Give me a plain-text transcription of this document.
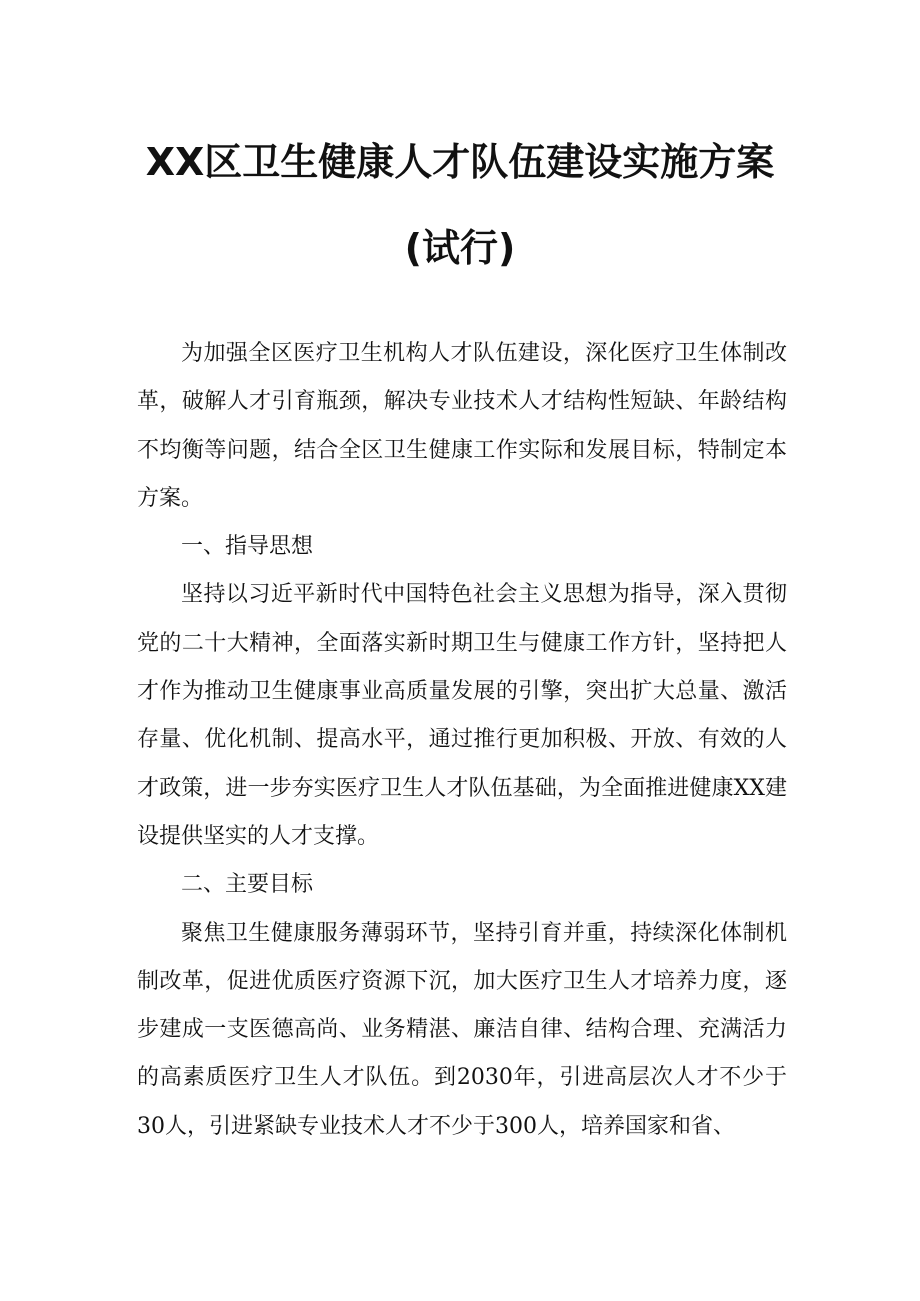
XX区卫生健康人才队伍建设实施方案
(试行)

为加强全区医疗卫生机构人才队伍建设，深化医疗卫生体制改革，破解人才引育瓶颈，解决专业技术人才结构性短缺、年龄结构不均衡等问题，结合全区卫生健康工作实际和发展目标，特制定本方案。

一、指导思想

坚持以习近平新时代中国特色社会主义思想为指导，深入贯彻党的二十大精神，全面落实新时期卫生与健康工作方针，坚持把人才作为推动卫生健康事业高质量发展的引擎，突出扩大总量、激活存量、优化机制、提高水平，通过推行更加积极、开放、有效的人才政策，进一步夯实医疗卫生人才队伍基础，为全面推进健康XX建设提供坚实的人才支撑。

二、主要目标

聚焦卫生健康服务薄弱环节，坚持引育并重，持续深化体制机制改革，促进优质医疗资源下沉，加大医疗卫生人才培养力度，逐步建成一支医德高尚、业务精湛、廉洁自律、结构合理、充满活力的高素质医疗卫生人才队伍。到2030年，引进高层次人才不少于30人，引进紧缺专业技术人才不少于300人，培养国家和省、
